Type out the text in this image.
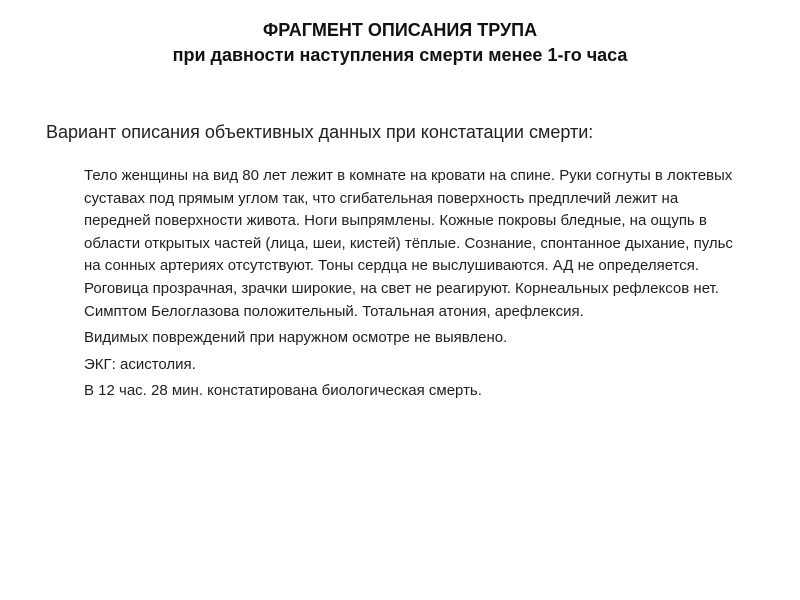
ФРАГМЕНТ ОПИСАНИЯ ТРУПА
при давности наступления смерти менее 1-го часа
Вариант описания объективных данных при констатации смерти:

Тело женщины на вид 80 лет лежит в комнате на кровати на спине. Руки согнуты в локтевых суставах под прямым углом так, что сгибательная поверхность предплечий лежит на передней поверхности живота. Ноги выпрямлены. Кожные покровы бледные, на ощупь в области открытых частей (лица, шеи, кистей) тёплые. Сознание, спонтанное дыхание, пульс на сонных артериях отсутствуют. Тоны сердца не выслушиваются. АД не определяется. Роговица прозрачная, зрачки широкие, на свет не реагируют. Корнеальных рефлексов нет. Симптом Белоглазова положительный. Тотальная атония, арефлексия.

Видимых повреждений при наружном осмотре не выявлено.

ЭКГ: асистолия.

В 12 час. 28 мин. констатирована биологическая смерть.
